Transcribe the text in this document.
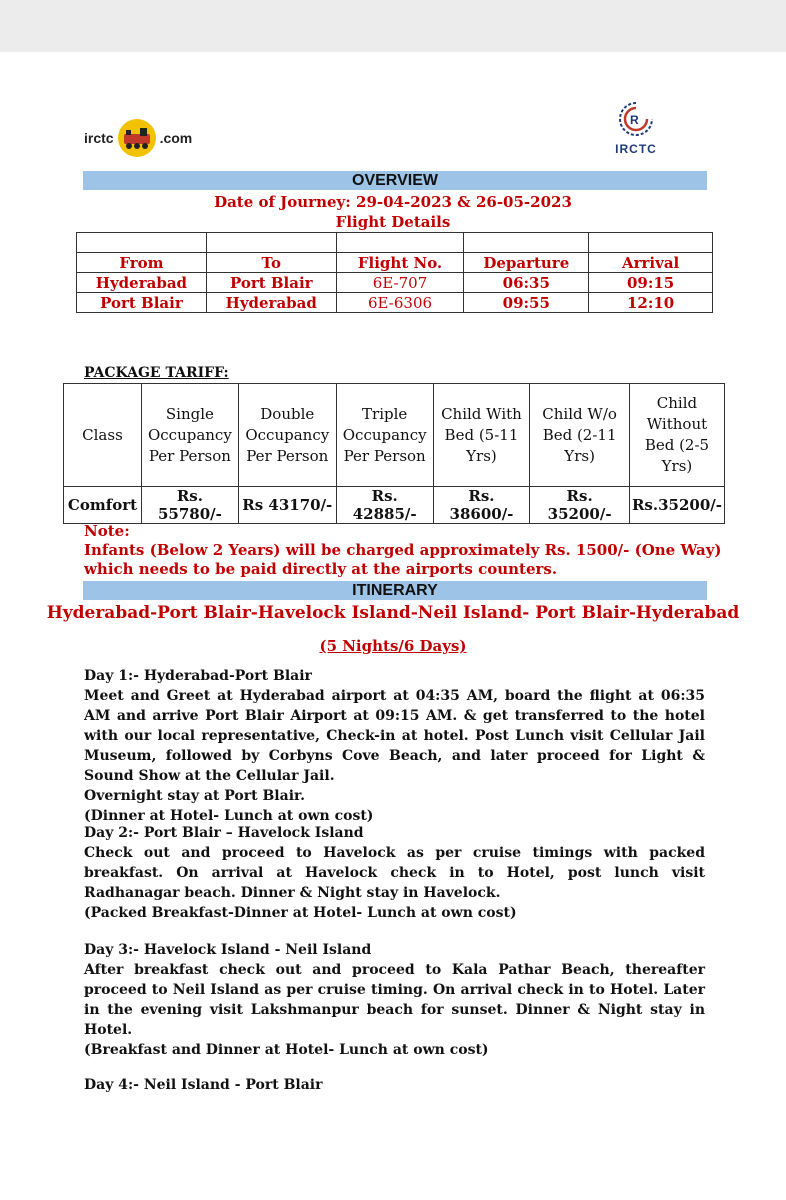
irctc	.com
R
IRCTC
OVERVIEW
Date of Journey: 29-04-2023 & 26-05-2023
Flight Details

From	To	Flight No.	Departure	Arrival
Hyderabad	Port Blair	6E-707	06:35	09:15
Port Blair	Hyderabad	6E-6306	09:55	12:10
PACKAGE TARIFF:
Class	Single Occupancy Per Person	Double Occupancy Per Person	Triple Occupancy Per Person	Child With Bed (5-11 Yrs)	Child W/o Bed (2-11 Yrs)	Child Without Bed (2-5 Yrs)
Comfort	Rs. 55780/-	Rs 43170/-	Rs. 42885/-	Rs. 38600/-	Rs. 35200/-	Rs.35200/-
Note:
Infants (Below 2 Years) will be charged approximately Rs. 1500/- (One Way) which needs to be paid directly at the airports counters.
ITINERARY
Hyderabad-Port Blair-Havelock Island-Neil Island- Port Blair-Hyderabad
(5 Nights/6 Days)

Day 1:- Hyderabad-Port Blair

Meet and Greet at Hyderabad airport at 04:35 AM, board the flight at 06:35 AM and arrive Port Blair Airport at 09:15 AM. & get transferred to the hotel with our local representative, Check-in at hotel. Post Lunch visit Cellular Jail Museum, followed by Corbyns Cove Beach, and later proceed for Light & Sound Show at the Cellular Jail.

Overnight stay at Port Blair.

(Dinner at Hotel- Lunch at own cost)

Day 2:- Port Blair – Havelock Island

Check out and proceed to Havelock as per cruise timings with packed breakfast. On arrival at Havelock check in to Hotel, post lunch visit Radhanagar beach. Dinner & Night stay in Havelock.

(Packed Breakfast-Dinner at Hotel- Lunch at own cost)

Day 3:- Havelock Island - Neil Island

After breakfast check out and proceed to Kala Pathar Beach, thereafter proceed to Neil Island as per cruise timing. On arrival check in to Hotel. Later in the evening visit Lakshmanpur beach for sunset. Dinner & Night stay in Hotel.

(Breakfast and Dinner at Hotel- Lunch at own cost)

Day 4:- Neil Island - Port Blair
